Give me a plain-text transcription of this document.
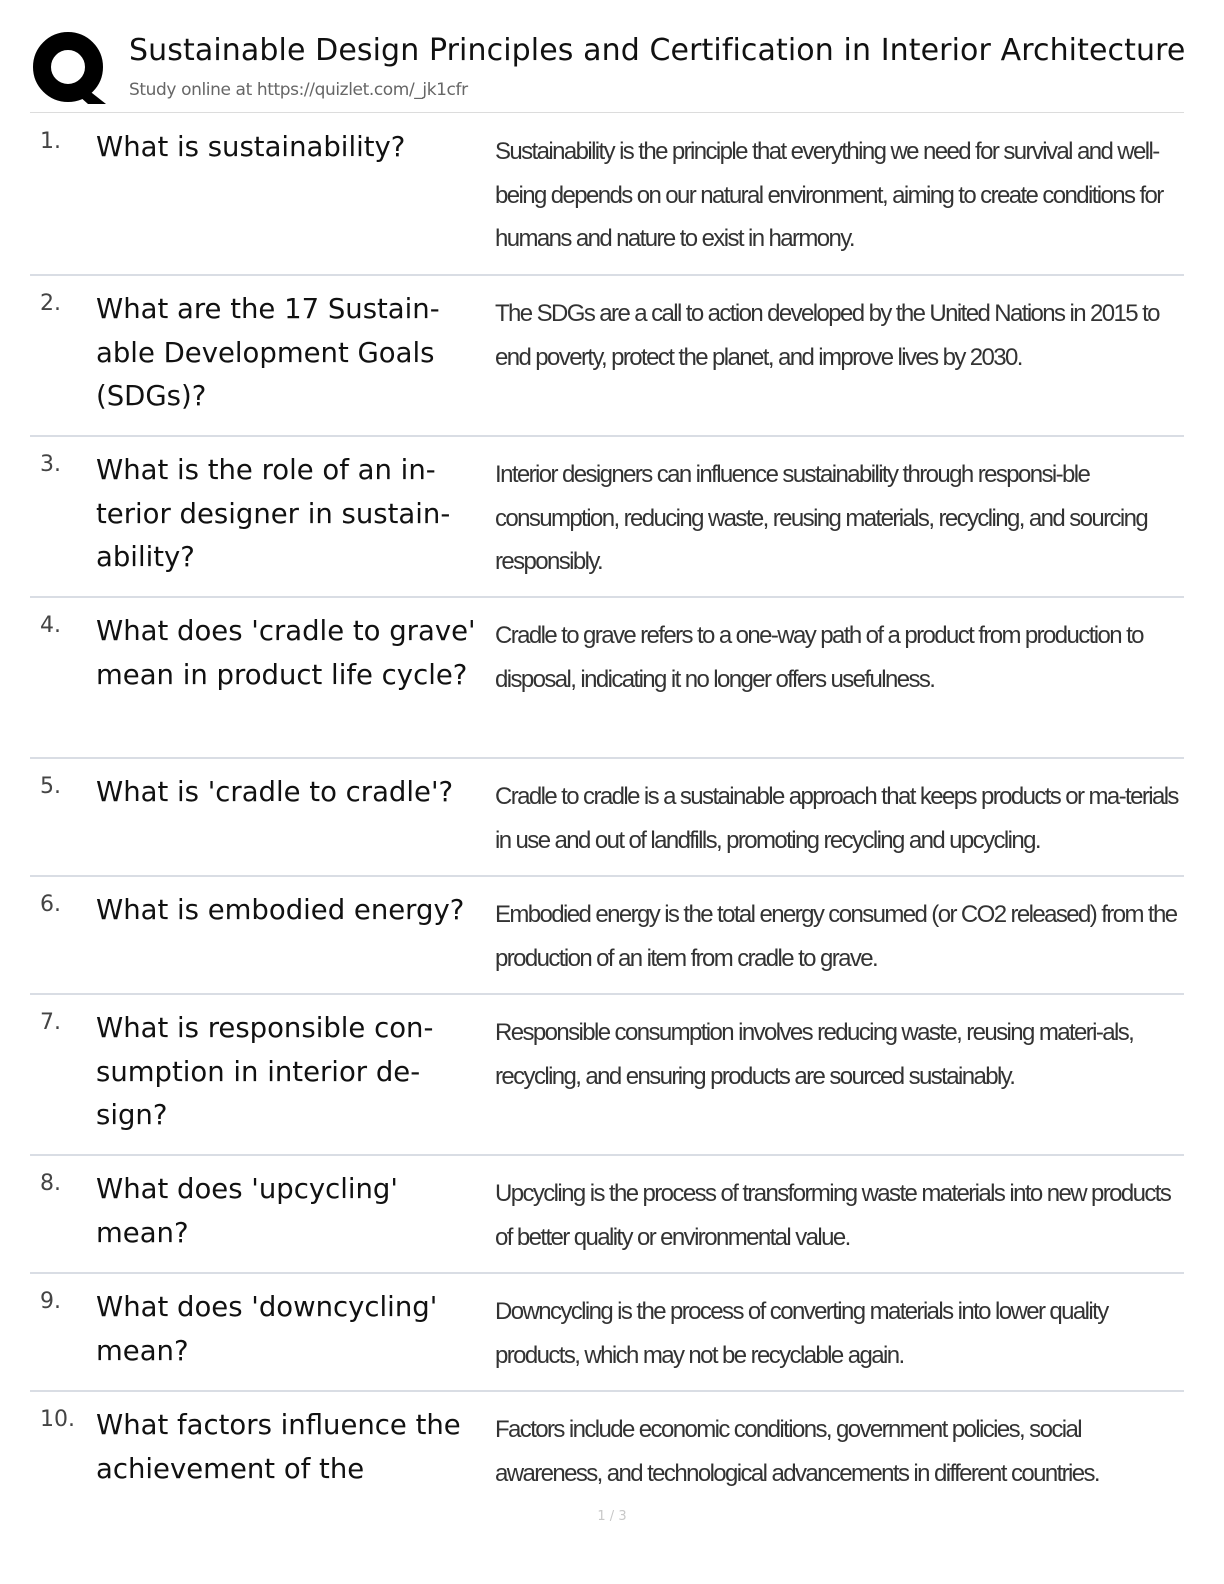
Sustainable Design Principles and Certification in Interior Architecture
Study online at https://quizlet.com/_jk1cfr
1. What is sustainability?	Sustainability is the principle that everything we need for survival and well-being depends on our natural environment, aiming to create conditions for humans and nature to exist in harmony.
2. What are the 17 Sustain-able Development Goals (SDGs)?
The SDGs are a call to action developed by the United Nations in 2015 to end poverty, protect the planet, and improve lives by 2030.
3. What is the role of an in-terior designer in sustain-ability?
Interior designers can influence sustainability through responsi-ble consumption, reducing waste, reusing materials, recycling, and sourcing responsibly.
4. What does 'cradle to grave' mean in product life cycle?
Cradle to grave refers to a one-way path of a product from production to disposal, indicating it no longer offers usefulness.
5. What is 'cradle to cradle'?	Cradle to cradle is a sustainable approach that keeps products or ma-terials in use and out of landfills, promoting recycling and upcycling.
6. What is embodied energy?	Embodied energy is the total energy consumed (or CO2 released) from the production of an item from cradle to grave.
7. What is responsible con-sumption in interior de-sign?
Responsible consumption involves reducing waste, reusing materi-als, recycling, and ensuring products are sourced sustainably.
8. What does 'upcycling' mean?
Upcycling is the process of transforming waste materials into new products of better quality or environmental value.
9. What does 'downcycling' mean?
Downcycling is the process of converting materials into lower quality products, which may not be recyclable again.
10. What factors influence the achievement of the
Factors include economic conditions, government policies, social awareness, and technological advancements in different countries.
1 / 3
